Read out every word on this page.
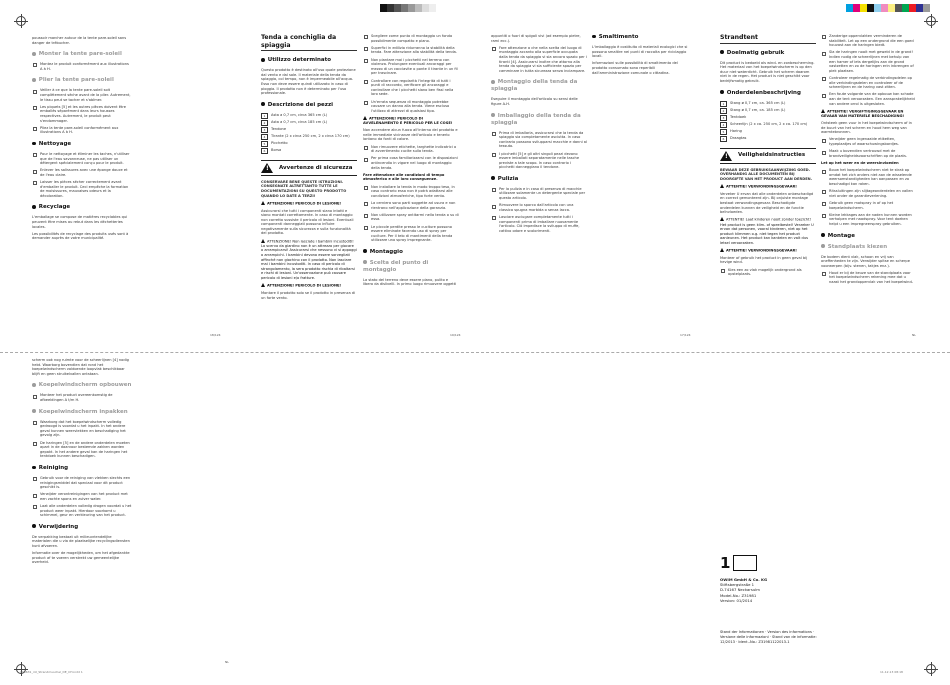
poussoir marcher autour de la tente pare-soleil sans danger de trébucher.

Monter la tente pare-soleil

Montez le produit conformément aux illustrations A à H.

Plier la tente pare-soleil

Veiller à ce que la tente pare-soleil soit complètement sèche avant de la plier. Autrement, le tissu peut se tacher et s'abîmer.

Les piquets [5] et les autres pièces doivent être emballés séparément dans leurs housses respectives. Autrement, le produit peut s'endommager.

Pliez la tente pare-soleil conformément aux illustrations A à H.

Nettoyage

Pour le nettoyage et éliminer les taches, n'utiliser que de l'eau savonneuse, ne pas utiliser un détergent spécialement conçu pour le produit.

Enlever les salissures avec une éponge douce et de l'eau claire.

Laisser les pièces sécher correctement avant d'emballer le produit. Ceci empêche la formation de moisissures, mauvaises odeurs et la décoloration.

Recyclage

L'emballage se compose de matières recyclables qui peuvent être mises au rebut dans les déchetteries locales.

Les possibilités de recyclage des produits usés sont à demander auprès de votre municipalité.

Tenda a conchiglia da spiaggia
Utilizzo determinato

Questo prodotto è destinato all'uso quale protezione dal vento e dal sole. Il materiale della tenda da spiaggia, col tempo, non è impermeabile all'acqua. Esso non deve essere quindi utilizzato in caso di pioggia. Il prodotto non è determinato per l'uso professionale.

Descrizione dei pezzi
1	Asta a 0,7 cm, circa 365 cm (L)
2	Asta a 0,7 cm, circa 185 cm (L)
3	Tendone
4	Tirante (2 x circa 250 cm, 2 x circa 170 cm)
5	Picchetto
6	Borsa
! Avvertenze di sicurezza

CONSERVARE BENE QUESTE ISTRUZIONI. CONSEGNATE ALTRETTANTO TUTTE LE DOCUMENTAZIONI SU QUESTO PRODOTTO QUANDO LO DATE A TERZI!

ATTENZIONE! PERICOLO DI LESIONE!

Assicurarsi che tutti i componenti siano intatti e siano montati correttamente. In caso di montaggio non corretto sussiste il pericolo di lesioni. Eventuali componenti danneggiati possono influire negativamente sulla sicurezza e sulla funzionalità del prodotto.

ATTENZIONE! Non lasciate i bambini incustoditi! Lo scervo da giardino non è un attrezzo per giocare o arrampicarsi! Assicurarsi che nessuno vi si appoggi o arrampichi. I bambini devono essere sorvegliati affinché non giochino con il prodotto. Non lasciare mai i bambini incustoditi. In caso di pericolo di strangolamento, la sera prodotto rischia di ribaltarsi e rischi di lesioni. Un'osservazione può causare pericolo di lesioni e/o fratture.

ATTENZIONE! PERICOLO DI LESIONE!

Montare il prodotto solo se il prodotto in presenza di un forte vento.

Scegliere come punto di montaggio un fondo possibilmente compatto e piano.

Superfici in edilizio ridurranno la stabilità della tenda. Fare attenzione alla stabilità della tenda.

Non piantare mai i picchetti nel terreno con violenza. Prolungare eventuali ancoraggi per mezzo di un cacciavite o ponte il tirante in un fil per trascinare.

Controllare con regolarità l'integrità di tutti i punti di raccordo, verificare gli ancoraggi e controllare che i picchetti siano ben fissi nella loro sede.

Un'errata sequenza di montaggio potrebbe causare un danno alla tenda. Viene escluso l'utilizzo di attrezzi di qualsiasi tipo.

ATTENZIONE! PERICOLO DI AVVELENAMENTO E PERICOLO PER LE COSE!

Non accendere alcun fuoco all'interno del prodotto e nelle immediate vicinanze dell'articolo e tenerlo lontano da fonti di calore.

Non rimuovere etichette, targhette indicatrici o di avvertimento cucite sulla tenda.

Per prima cosa familiarizzarsi con le disposizioni antincendio in vigore nel luogo di montaggio della tenda.

Fare attenzione alle condizioni di tempo atmosferico e alle loro conseguenze.

Non installare la tenda in modo troppo teso, in caso contrario essa non è potrà adattarsi alle condizioni atmosferiche, tipo forte vento.

La cerniera sono parti soggette ad usura e non rientrano nell'applicazione della garanzia.

Non utilizzare spray antitarmi nella tenda o su di essa.

Le piccole perdite presso le cuciture possono essere eliminate facendo uso di spray per cuciture. Per il telo di mantimenti della tenda utilizzare uno spray impregnante.

Montaggio
Scelta del punto di montaggio

La stato del terreno deve essere piano, pulito e libero da dislivelli. In primo luogo rimuovere oggetti

appuntiti o fuori di spigoli vivi (ad esempio pietre, rami ecc.).

Fare attenzione a che nella scelta del luogo di montaggio accanto alla superficie occupata dalla tenda da spiaggia vi sia ancora spazio per i tiranti [4]. Assicurarsi inoltre che attorno alla tenda da spiaggia vi sia sufficiente spazio per camminare in tutta sicurezza senza inciampare.

Montaggio della tenda da spiaggia

Eseguire il montaggio dell'articolo su sensi delle figure A-H.

Imballaggio della tenda da spiaggia

Prima di imballarla, assicurarsi che la tenda da spiaggia sia completamente asciutta. In caso contrario possono svilupparsi macchie e danni al tessuto.

I picchetti [5] e gli altri singoli pezzi devono essere imballati separatamente nelle tasche previste a tale scopo. In caso contrario i picchetti danneggiano il tendone.

Pulizia

Per la pulizia e in caso di presenza di macchie utilizzare solamente un detergente speciale per questo articolo.

Rimuovere lo sporco dall'articolo con una classica spugna morbida o senza lacca.

Lasciare asciugare completamente tutti i componenti prima di imballare nuovamente l'articolo. Ciò impedisce la sviluppo di muffe, cattivo odore e scolorimenti.

Smaltimento

L'imballaggio è costituito di materiali ecologici che si possono smaltire nei punti di raccolta per riciclaggio locali.

Informazioni sulle possibilità di smaltimento del prodotto consumato sono reperibili dall'amministrazione comunale o cittadina.

Strandtent
Doelmatig gebruik

Dit product is bedoeld als wind- en zonbescherming. Het materiaal van het koepelwindscherm is op den duur niet waterdicht. Gebruik het scherm daarom niet in de regen. Het product is niet geschikt voor bedrijfsmatig gebruik.

Onderdelenbeschrijving
1	Stang ø 0,7 cm, ca. 365 cm (L)
2	Stang ø 0,7 cm, ca. 185 cm (L)
3	Tentdoek
4	Scheerlijn (2 x ca. 250 cm, 2 x ca. 170 cm)
5	Haring
6	Draagtas
! Veiligheidsinstructies

BEWAAR DEZE GEBRUIKSAANWIJZING GOED. OVERHANDIG ALLE DOCUMENTEN BIJ DOORGIFTE VAN HET PRODUCT AAN DERDEN.

ATTENTIE! VERWONDINGSGEVAAR!

Verzeker U ervan dat alle onderdelen onbeschadigd en correct gemonteerd zijn. Bij onjuiste montage bestaat verwondingsgevaar. Beschadigde onderdelen kunnen de veiligheid en de functie beïnvloeden.

ATTENTIE! Laat kinderen nooit zonder toezicht! Het product is geen klim- of speelbestel! Verzeker U ervan dat personen, vooral kinderen, niet op het product klimmen o.g. niet tegen het product aanleunen. Het product kan kantelen en valt dus letsel veroorzaken.

ATTENTIE! VERWONDINGSGEVAAR!

Monteer of gebruik het product in geen geval bij hevige wind.

Kies een zo vlak mogelijk ondergrond als opstelplaats.

Zanderige oppervlakten verminderen de stabiliteit. Let op een ondergrond die een goed houvast aan de haringen biedt.

Sla de haringen nooit met geweld in de grond! Indien nodig de scheerlijnen met behulp van een hamer of iets dergelijks aan de grond vastzetten en zo de haringen erin inbrengen of piek plaatsen.

Controleer regelmatig de verbindingsdelen op alle verbindingsdelen en controleer of de scheerlijnen en de haring vast zitten.

Een foute volgorde van de opbouw kan schade aan de tent veroorzaken. Een aansprakelijkheid van andere orrol is uitgesloten.

ATTENTIE! VERGIFTIGINGSGEVAAR EN GEVAAR VAN MATERIELE BESCHADIGING!

Ontsteek geen vuur in het koepelwindscherm of in de buurt van het scherm en houd hem weg van warmtebronnen.

Verwijder geen ingenaaide etiketten, typeplaatjes of waarschuwingsbordjes.

Maak u bovendien vertrouwd met de brandveiligheidsvoorschriften op de plaats.

Let op het weer en de weersinvloeden

Bouw het koepelwindscherm niet te strak op omdat het zich anders niet aan de wisselende weersomstandigheden kan aanpassen en zo beschadigd kan raken.

Ritssluitingen zijn slijtageonderdelen en vallen niet onder de garantieverlening.

Gebruik geen motspray in of op het koepelwindscherm.

Kleine lekkages aan de naden kunnen worden verholpen met naadspray. Voor tent doeken helpt u een impregneerspray gebruiken.

Montage
Standplaats kiezen

De bodem dient vlak, schoon en vrij van oneffenheden te zijn. Verwijder spitse en scherpe voorwerpen (bijv. stenen, takjes enz.).

Houd er bij de keuze van de standplaats voor het koepelwindscherm rekening mee dat u naast het grondoppervlak van het koepelwind-

18/124	19/124	17/124	NL
NL

scherm ook nog ruimte voor de scheerlijnen [4] nodig hebt. Waarborg bovendien dat rond het koepelwindscherm voldoende loopvlak beschikbaar blijft en geen struikelvallen ontstaan.

Koepelwindscherm opbouwen

Monteer het product overeenkomstig de afbeeldingen A t/m H.

Koepelwindscherm inpakken

Waarborg dat het koepelwindscherm volledig gedroogd is voordat u het inpakt. In het andere geval kunnen weervlekken en beschadiging het gevolg zijn.

De haringen [5] en de andere onderdelen moeten apart in de daarvoor bestemde zakken worden gepakt. In het andere geval kan de haringen het tentdoek kunnen beschadigen.

Reiniging

Gebruik voor de reiniging van vlekken slechts een reinigingsmiddel dat speciaal voor dit product geschikt is.

Verwijder verontreinigingen van het product met een zachte spons en zuiver water.

Laat alle onderdelen volledig drogen voordat u het product weer inpakt. Hierdoor voorkomt u schimmel, geur en verkleuring van het product.

Verwijdering

De verpakking bestaat uit milieuvriendelijke materialen die u via de plaatselijke recyclingsdiensten kunt afvoeren.

Informatie over de mogelijkheden, om het afgedankte product af te voeren verstrekt uw gemeentelijke overheid.	1
OWIM GmbH & Co. KG
Stiftsbergstraße 1
D-74167 Neckarsulm
Model-No.: Z31981
Version: 01/2014
Stand der Informationen · Version des informations · Versione delle informazioni · Stand van de informatie:
12/2013 · Ident.-No.: Z31981122013-1
100631_int_Strandmuschel_DE_CH.indd 1	11.12.13 08:18
